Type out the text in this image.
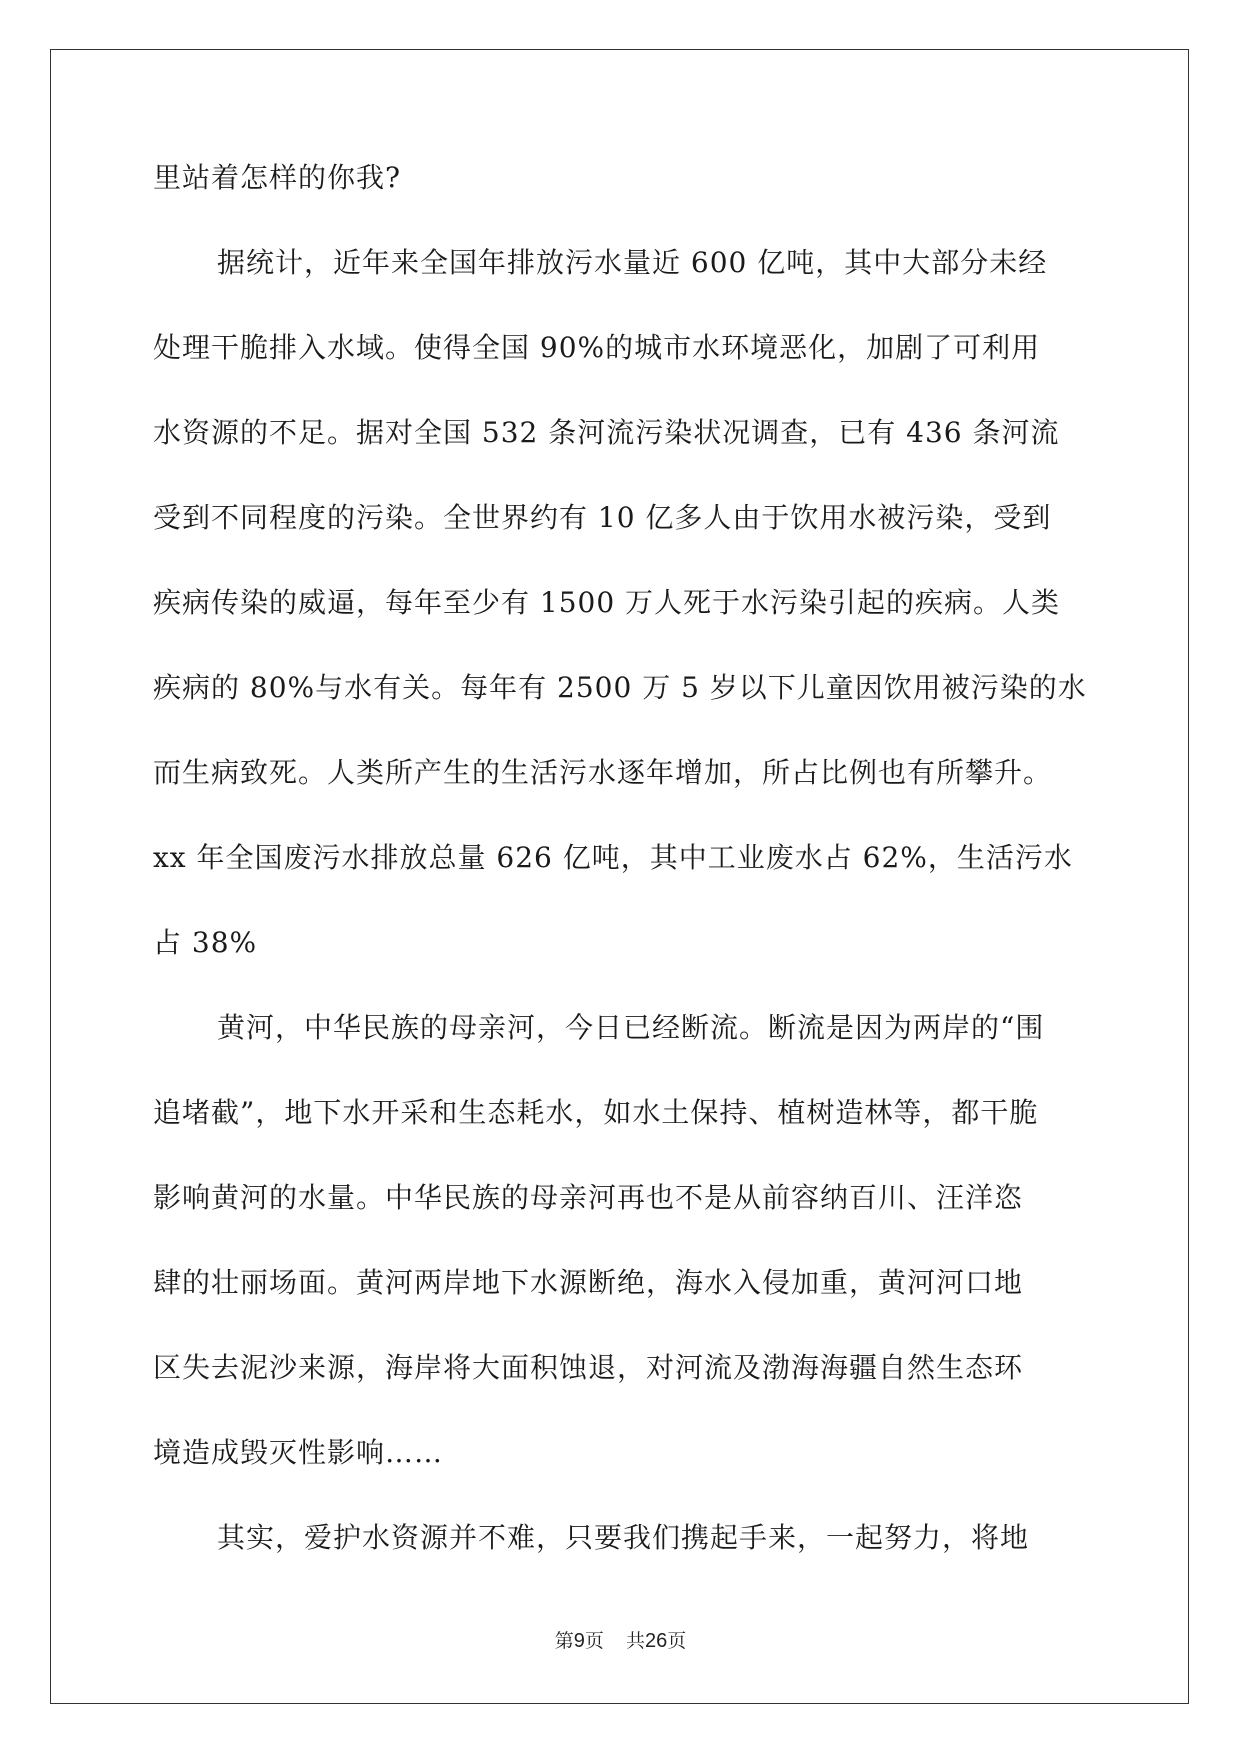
里站着怎样的你我?
据统计，近年来全国年排放污水量近 600 亿吨，其中大部分未经
处理干脆排入水域。使得全国 90%的城市水环境恶化，加剧了可利用
水资源的不足。据对全国 532 条河流污染状况调查，已有 436 条河流
受到不同程度的污染。全世界约有 10 亿多人由于饮用水被污染，受到
疾病传染的威逼，每年至少有 1500 万人死于水污染引起的疾病。人类
疾病的 80%与水有关。每年有 2500 万 5 岁以下儿童因饮用被污染的水
而生病致死。人类所产生的生活污水逐年增加，所占比例也有所攀升。
xx 年全国废污水排放总量 626 亿吨，其中工业废水占 62%，生活污水
占 38%
黄河，中华民族的母亲河，今日已经断流。断流是因为两岸的“围
追堵截”，地下水开采和生态耗水，如水土保持、植树造林等，都干脆
影响黄河的水量。中华民族的母亲河再也不是从前容纳百川、汪洋恣
肆的壮丽场面。黄河两岸地下水源断绝，海水入侵加重，黄河河口地
区失去泥沙来源，海岸将大面积蚀退，对河流及渤海海疆自然生态环
境造成毁灭性影响……
其实，爱护水资源并不难，只要我们携起手来，一起努力，将地
第9页 共26页
